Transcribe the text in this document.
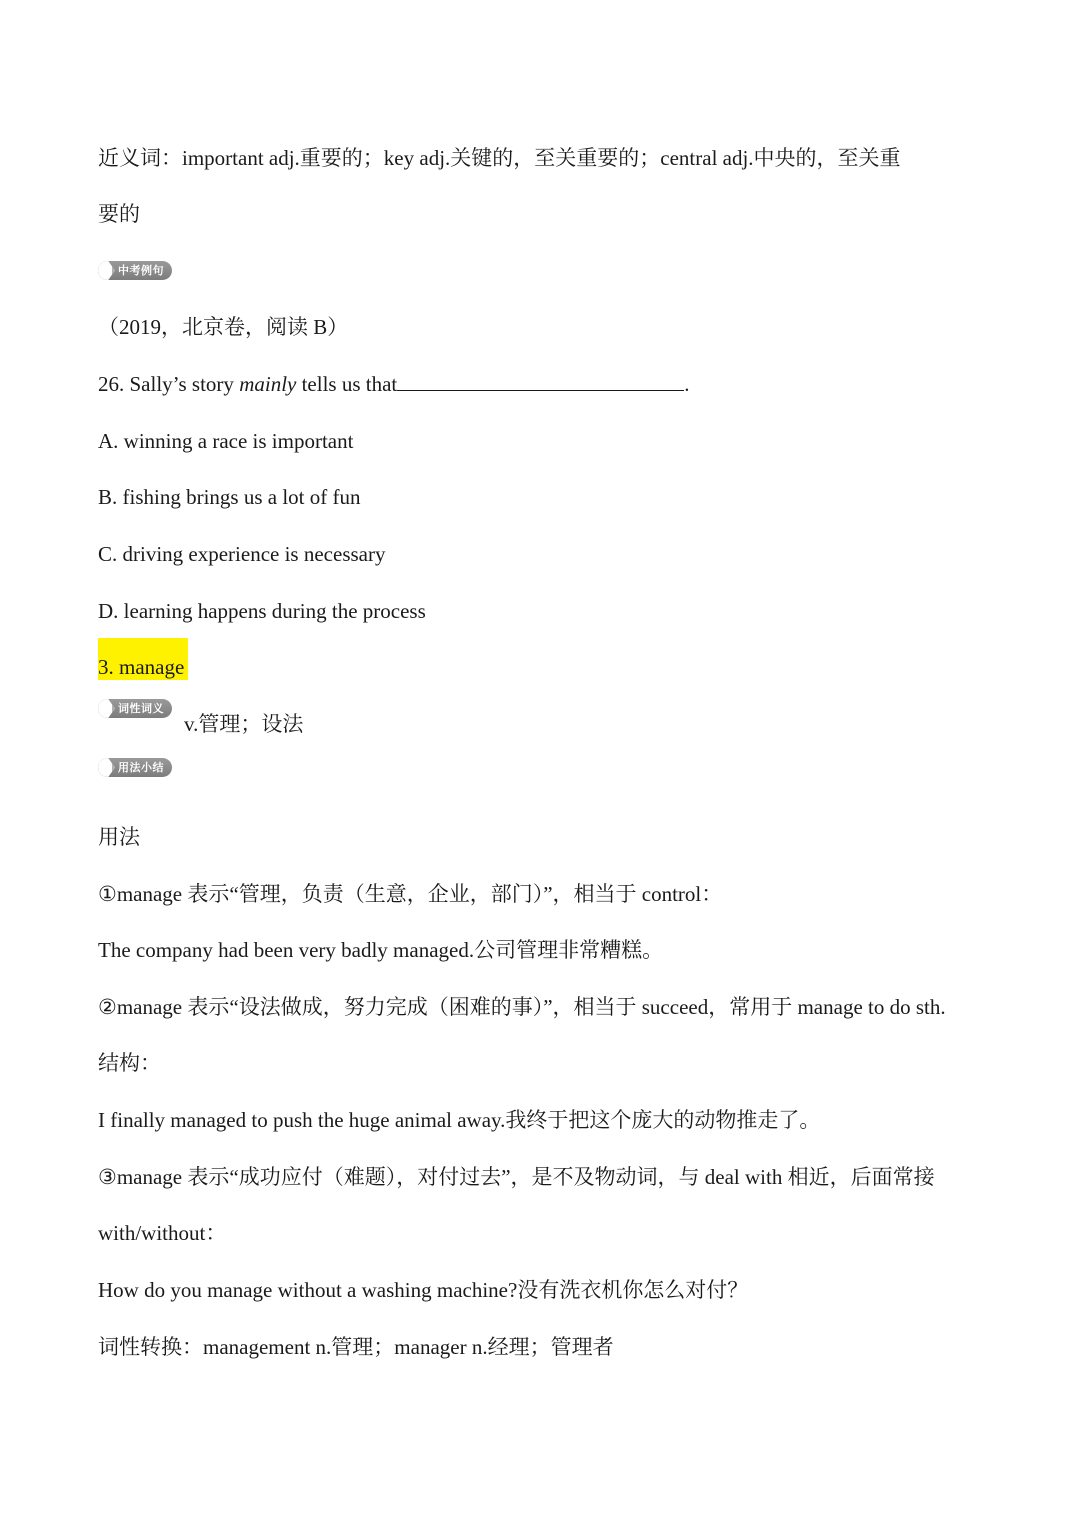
近义词：important adj.重要的；key adj.关键的，至关重要的；central adj.中央的，至关重
要的
中考例句
（2019，北京卷，阅读 B）
26. Sally’s story mainly tells us that	.
A. winning a race is important
B. fishing brings us a lot of fun
C. driving experience is necessary
D. learning happens during the process
3. manage
词性词义
v.管理；设法
用法小结
用法
①manage 表示“管理，负责（生意，企业，部门）”，相当于 control：
The company had been very badly managed.公司管理非常糟糕。
②manage 表示“设法做成，努力完成（困难的事）”，相当于 succeed，常用于 manage to do sth.
结构：
I finally managed to push the huge animal away.我终于把这个庞大的动物推走了。
③manage 表示“成功应付（难题），对付过去”，是不及物动词，与 deal with 相近，后面常接
with/without：
How do you manage without a washing machine?没有洗衣机你怎么对付？
词性转换：management n.管理；manager n.经理；管理者
